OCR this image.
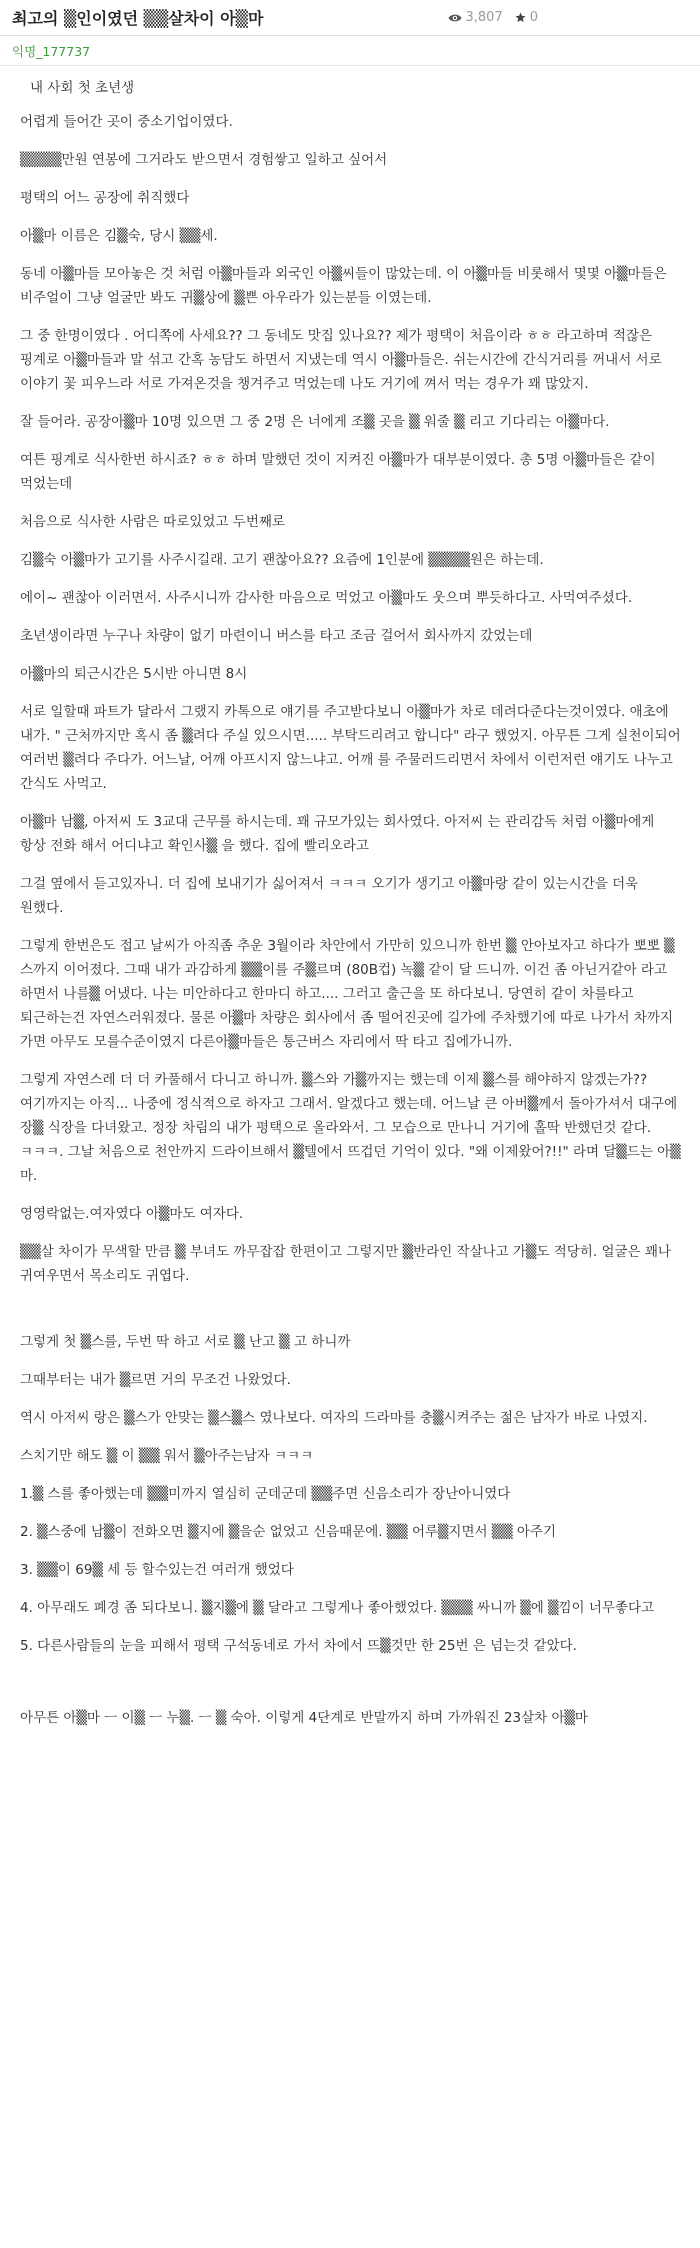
최고의 ▒인이였던 ▒▒살차이 아▒마	3,807 0
익명_177737

내 사회 첫 초년생

어렵게 들어간 곳이 중소기업이였다.

▒▒▒▒만원 연봉에 그거라도 받으면서 경험쌓고 일하고 싶어서

평택의 어느 공장에 취직했다

아▒마 이름은 김▒숙, 당시 ▒▒세.

동네 아▒마들 모아놓은 것 처럼 아▒마들과 외국인 아▒씨들이 많았는데. 이 아▒마들 비롯해서 몇몇 아▒마들은 비주얼이 그냥 얼굴만 봐도 귀▒상에 ▒쁜 아우라가 있는분들 이였는데.

그 중 한명이였다 . 어디쪽에 사세요?? 그 동네도 맛집 있나요?? 제가 평택이 처음이라 ㅎㅎ 라고하며 적잖은 핑계로 아▒마들과 말 섞고 간혹 농담도 하면서 지냈는데 역시 아▒마들은. 쉬는시간에 간식거리를 꺼내서 서로 이야기 꽃 피우느라 서로 가져온것을 챙겨주고 먹었는데 나도 거기에 껴서 먹는 경우가 꽤 많았지.

잘 들어라. 공장아▒마 10명 있으면 그 중 2명 은 너에게 조▒ 곳을 ▒ 워줄 ▒ 리고 기다리는 아▒마다.

여튼 핑계로 식사한번 하시죠? ㅎㅎ 하며 말했던 것이 지켜진 아▒마가 대부분이였다. 총 5명 아▒마들은 같이 먹었는데

처음으로 식사한 사람은 따로있었고 두번째로

김▒숙 아▒마가 고기를 사주시길래. 고기 괜찮아요?? 요즘에 1인분에 ▒▒▒▒원은 하는데.

에이~ 괜찮아 이러면서. 사주시니까 감사한 마음으로 먹었고 아▒마도 웃으며 뿌듯하다고. 사먹여주셨다.

초년생이라면 누구나 차량이 없기 마련이니 버스를 타고 조금 걸어서 회사까지 갔었는데

아▒마의 퇴근시간은 5시반 아니면 8시

서로 일할때 파트가 달라서 그랬지 카톡으로 얘기를 주고받다보니 아▒마가 차로 데려다준다는것이였다. 애초에 내가. " 근처까지만 혹시 좀 ▒려다 주실 있으시면..... 부탁드리려고 합니다" 라구 했었지. 아무튼 그게 실천이되어 여러번 ▒려다 주다가. 어느날, 어깨 아프시지 않느냐고. 어깨 를 주물러드리면서 차에서 이런저런 얘기도 나누고 간식도 사먹고.

아▒마 남▒, 아저씨 도 3교대 근무를 하시는데. 꽤 규모가있는 회사였다. 아저씨 는 관리감독 처럼 아▒마에게 항상 전화 해서 어디냐고 확인사▒ 을 했다. 집에 빨리오라고

그걸 옆에서 듣고있자니. 더 집에 보내기가 싫어져서 ㅋㅋㅋ 오기가 생기고 아▒마랑 같이 있는시간을 더욱 원했다.

그렇게 한번은도 접고 날씨가 아직좀 추운 3월이라 차안에서 가만히 있으니까 한번 ▒ 안아보자고 하다가 뽀뽀 ▒ 스까지 이어졌다. 그때 내가 과감하게 ▒▒이를 주▒르며 (80B컵) 녹▒ 같이 달 드니까. 이건 좀 아닌거같아 라고 하면서 나를▒ 어냈다. 나는 미안하다고 한마디 하고.... 그러고 출근을 또 하다보니. 당연히 같이 차를타고 퇴근하는건 자연스러워졌다. 물론 아▒마 차량은 회사에서 좀 떨어진곳에 길가에 주차했기에 따로 나가서 차까지 가면 아무도 모를수준이였지 다른아▒마들은 통근버스 자리에서 딱 타고 집에가니까.

그렇게 자연스레 더 더 카풀해서 다니고 하니까. ▒스와 가▒까지는 했는데 이제 ▒스를 해야하지 않겠는가?? 여기까지는 아직... 나중에 정식적으로 하자고 그래서. 알겠다고 했는데. 어느날 큰 아버▒께서 돌아가셔서 대구에 장▒ 식장을 다녀왔고. 정장 차림의 내가 평택으로 올라와서. 그 모습으로 만나니 거기에 홀딱 반했던것 같다. ㅋㅋㅋ. 그날 처음으로 천안까지 드라이브해서 ▒텔에서 뜨겁던 기억이 있다. "왜 이제왔어?!!" 라며 달▒드는 아▒마.

영영락없는.여자였다 아▒마도 여자다.

▒▒살 차이가 무색할 만큼 ▒ 부녀도 까무잡잡 한편이고 그렇지만 ▒반라인 작살나고 가▒도 적당히. 얼굴은 꽤나 귀여우면서 목소리도 귀엽다.

그렇게 첫 ▒스를, 두번 딱 하고 서로 ▒ 난고 ▒ 고 하니까

그때부터는 내가 ▒르면 거의 무조건 나왔었다.

역시 아저씨 랑은 ▒스가 안맞는 ▒스▒스 였나보다. 여자의 드라마를 충▒시켜주는 젊은 남자가 바로 나였지.

스치기만 해도 ▒ 이 ▒▒ 워서 ▒아주는남자 ㅋㅋㅋ

1.▒ 스를 좋아했는데 ▒▒미까지 열심히 군데군데 ▒▒주면 신음소리가 장난아니였다

2. ▒스중에 남▒이 전화오면 ▒지에 ▒을순 없었고 신음때문에. ▒▒ 어루▒지면서 ▒▒ 아주기

3. ▒▒이 69▒ 세 등 할수있는건 여러개 했었다

4. 아무래도 폐경 좀 되다보니. ▒지▒에 ▒ 달라고 그렇게나 좋아했었다. ▒▒▒ 싸니까 ▒에 ▒낌이 너무좋다고

5. 다른사람들의 눈을 피해서 평택 구석동네로 가서 차에서 뜨▒것만 한 25번 은 넘는것 같았다.

아무튼 아▒마 ㅡ 이▒ ㅡ 누▒. ㅡ ▒ 숙아. 이렇게 4단계로 반말까지 하며 가까워진 23살차 아▒마
